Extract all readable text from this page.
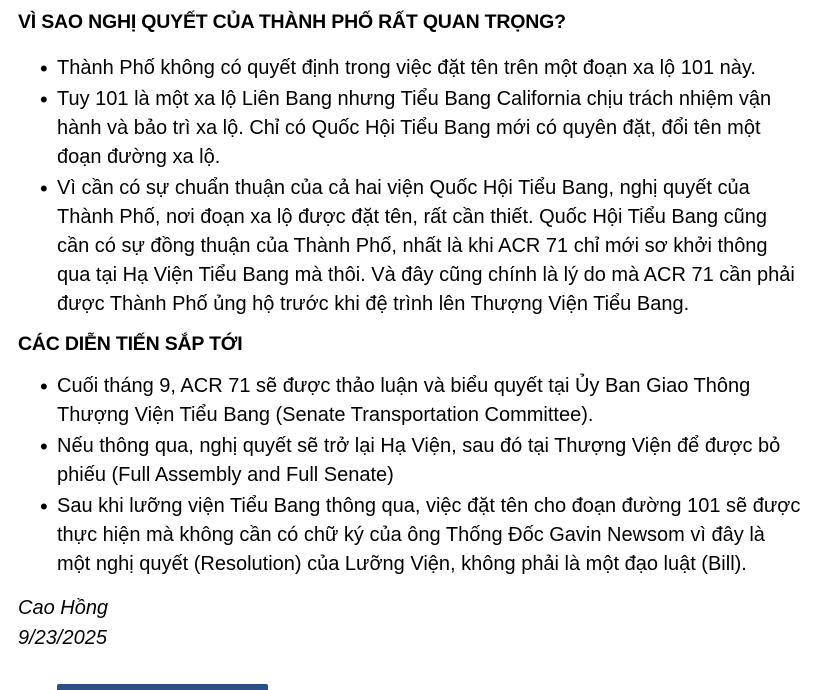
VÌ SAO NGHỊ QUYẾT CỦA THÀNH PHỐ RẤT QUAN TRỌNG?
• Thành Phố không có quyết định trong việc đặt tên trên một đoạn xa lộ 101 này.
• Tuy 101 là một xa lộ Liên Bang nhưng Tiểu Bang California chịu trách nhiệm vận hành và bảo trì xa lộ. Chỉ có Quốc Hội Tiểu Bang mới có quyên đặt, đổi tên một đoạn đường xa lộ.
• Vì cần có sự chuẩn thuận của cả hai viện Quốc Hội Tiểu Bang, nghị quyết của Thành Phố, nơi đoạn xa lộ được đặt tên, rất cần thiết. Quốc Hội Tiểu Bang cũng cần có sự đồng thuận của Thành Phố, nhất là khi ACR 71 chỉ mới sơ khởi thông qua tại Hạ Viện Tiểu Bang mà thôi. Và đây cũng chính là lý do mà ACR 71 cần phải được Thành Phố ủng hộ trước khi đệ trình lên Thượng Viện Tiểu Bang.
CÁC DIỄN TIẾN SẮP TỚI
• Cuối tháng 9, ACR 71 sẽ được thảo luận và biểu quyết tại Ủy Ban Giao Thông Thượng Viện Tiểu Bang (Senate Transportation Committee).
• Nếu thông qua, nghị quyết sẽ trở lại Hạ Viện, sau đó tại Thượng Viện để được bỏ phiếu (Full Assembly and Full Senate)
• Sau khi lưỡng viện Tiểu Bang thông qua, việc đặt tên cho đoạn đường 101 sẽ được thực hiện mà không cần có chữ ký của ông Thống Đốc Gavin Newsom vì đây là một nghị quyết (Resolution) của Lưỡng Viện, không phải là một đạo luật (Bill).
Cao Hồng
9/23/2025
